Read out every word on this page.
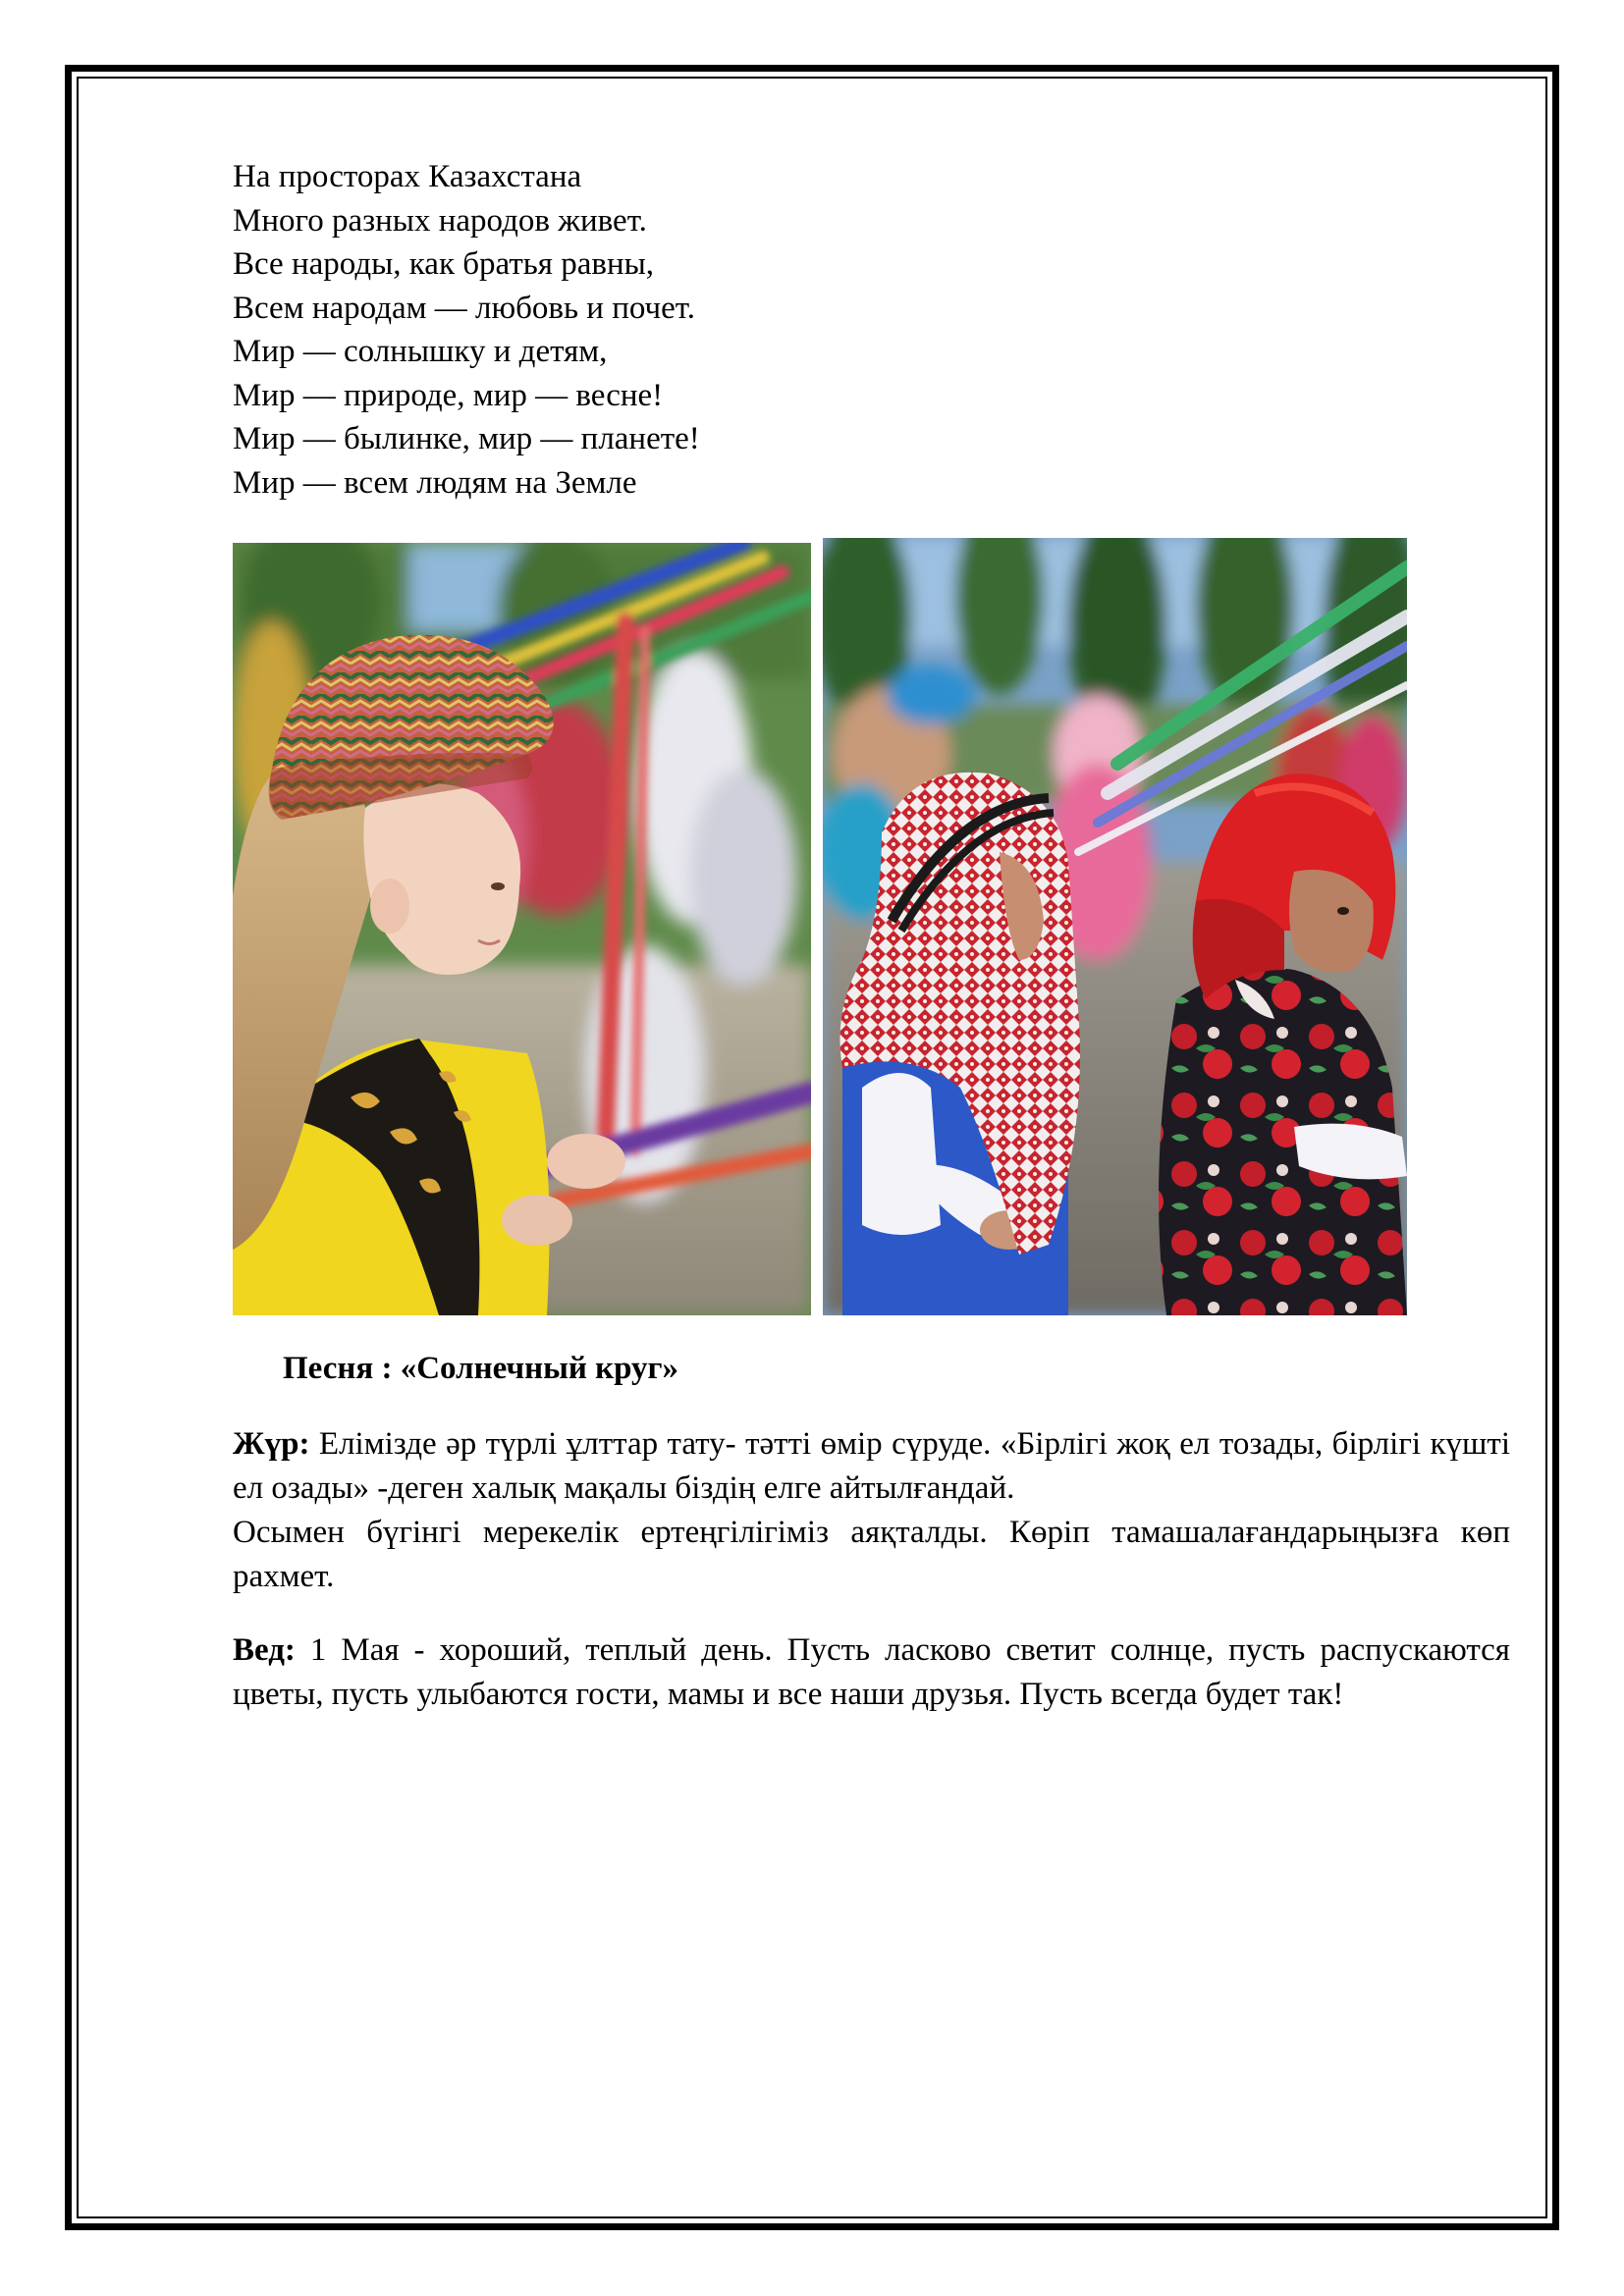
На просторах Казахстана
Много разных народов живет.
Все народы, как братья равны,
Всем народам — любовь и почет.
Мир — солнышку и детям,
Мир — природе, мир — весне!
Мир — былинке, мир — планете!
Мир — всем людям на Земле
Песня : «Солнечный круг»
Жүр: Елімізде әр түрлі ұлттар тату- тәтті өмір сүруде. «Бірлігі жоқ ел тозады, бірлігі күшті ел озады» -деген халық мақалы біздің елге айтылғандай.
Осымен бүгінгі мерекелік ертеңгілігіміз аяқталды. Көріп тамашалағандарыңызға көп рахмет.
Вед: 1 Мая - хороший, теплый день. Пусть ласково светит солнце, пусть распускаются цветы, пусть улыбаются гости, мамы и все наши друзья. Пусть всегда будет так!
